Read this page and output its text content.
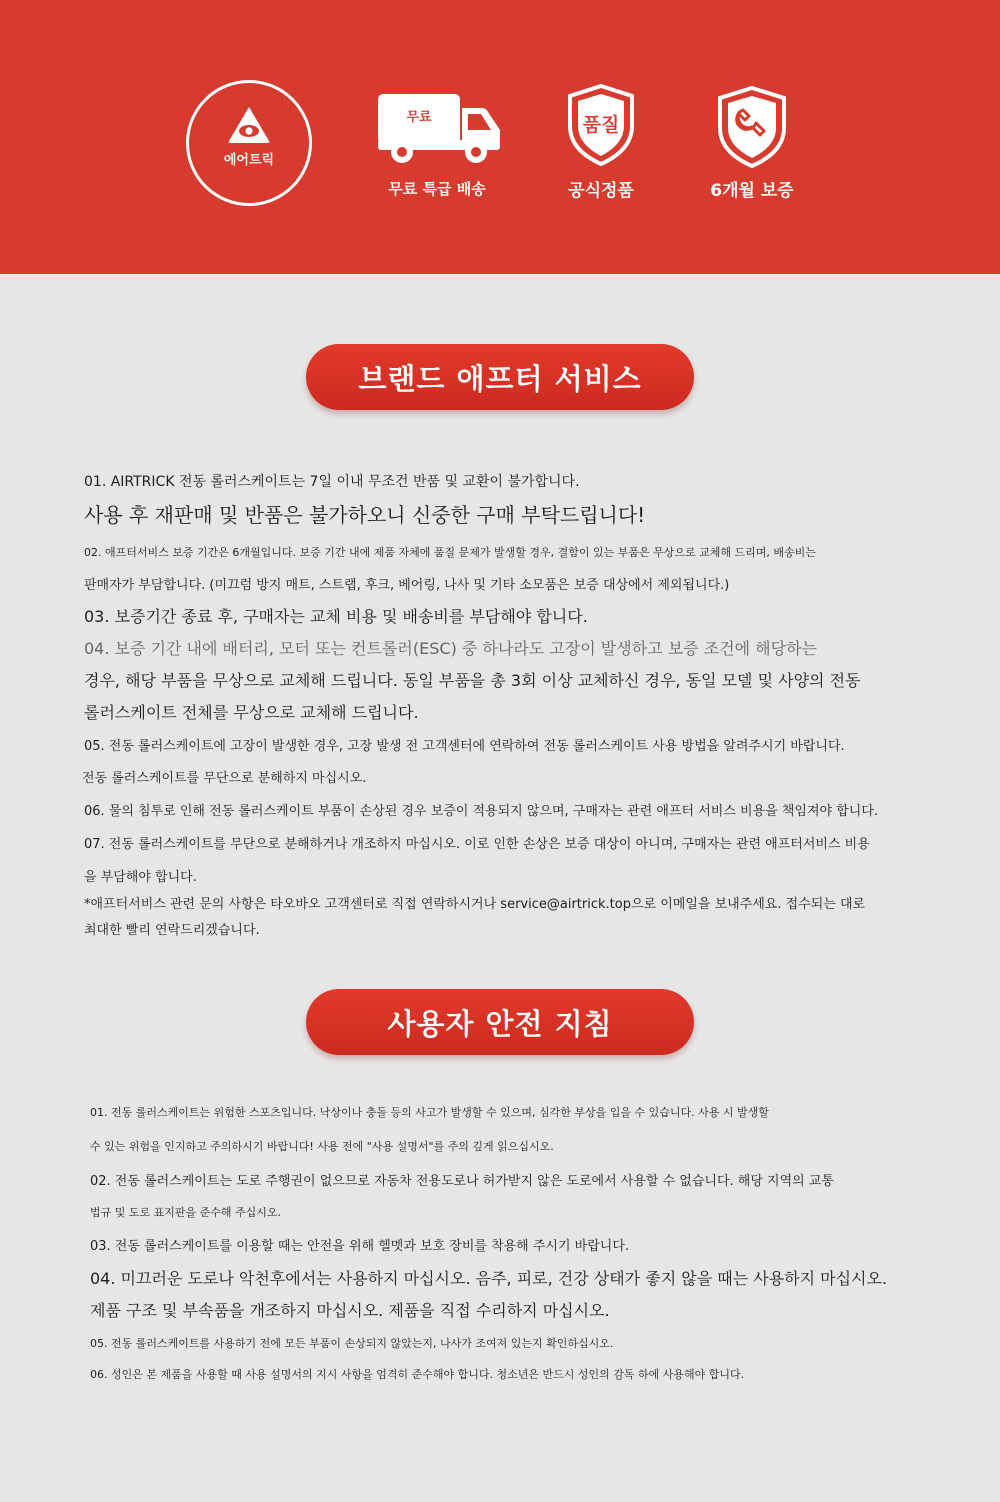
에어트릭
무료
무료 특급 배송
품질
공식정품	6개월 보증
브랜드 애프터 서비스
01. AIRTRICK 전동 롤러스케이트는 7일 이내 무조건 반품 및 교환이 불가합니다.
사용 후 재판매 및 반품은 불가하오니 신중한 구매 부탁드립니다!
02. 애프터서비스 보증 기간은 6개월입니다. 보증 기간 내에 제품 자체에 품질 문제가 발생할 경우, 결함이 있는 부품은 무상으로 교체해 드리며, 배송비는
판매자가 부담합니다. (미끄럼 방지 매트, 스트랩, 후크, 베어링, 나사 및 기타 소모품은 보증 대상에서 제외됩니다.)
03. 보증기간 종료 후, 구매자는 교체 비용 및 배송비를 부담해야 합니다.
04. 보증 기간 내에 배터리, 모터 또는 컨트롤러(ESC) 중 하나라도 고장이 발생하고 보증 조건에 해당하는
경우, 해당 부품을 무상으로 교체해 드립니다. 동일 부품을 총 3회 이상 교체하신 경우, 동일 모델 및 사양의 전동
롤러스케이트 전체를 무상으로 교체해 드립니다.
05. 전동 롤러스케이트에 고장이 발생한 경우, 고장 발생 전 고객센터에 연락하여 전동 롤러스케이트 사용 방법을 알려주시기 바랍니다.
전동 롤러스케이트를 무단으로 분해하지 마십시오.
06. 물의 침투로 인해 전동 롤러스케이트 부품이 손상된 경우 보증이 적용되지 않으며, 구매자는 관련 애프터 서비스 비용을 책임져야 합니다.
07. 전동 롤러스케이트를 무단으로 분해하거나 개조하지 마십시오. 이로 인한 손상은 보증 대상이 아니며, 구매자는 관련 애프터서비스 비용
을 부담해야 합니다.
*애프터서비스 관련 문의 사항은 타오바오 고객센터로 직접 연락하시거나 service@airtrick.top으로 이메일을 보내주세요. 접수되는 대로
최대한 빨리 연락드리겠습니다.
사용자 안전 지침
01. 전동 롤러스케이트는 위험한 스포츠입니다. 낙상이나 충돌 등의 사고가 발생할 수 있으며, 심각한 부상을 입을 수 있습니다. 사용 시 발생할
수 있는 위험을 인지하고 주의하시기 바랍니다! 사용 전에 "사용 설명서"를 주의 깊게 읽으십시오.
02. 전동 롤러스케이트는 도로 주행권이 없으므로 자동차 전용도로나 허가받지 않은 도로에서 사용할 수 없습니다. 해당 지역의 교통
법규 및 도로 표지판을 준수해 주십시오.
03. 전동 롤러스케이트를 이용할 때는 안전을 위해 헬멧과 보호 장비를 착용해 주시기 바랍니다.
04. 미끄러운 도로나 악천후에서는 사용하지 마십시오. 음주, 피로, 건강 상태가 좋지 않을 때는 사용하지 마십시오.
제품 구조 및 부속품을 개조하지 마십시오. 제품을 직접 수리하지 마십시오.
05. 전동 롤러스케이트를 사용하기 전에 모든 부품이 손상되지 않았는지, 나사가 조여져 있는지 확인하십시오.
06. 성인은 본 제품을 사용할 때 사용 설명서의 지시 사항을 엄격히 준수해야 합니다. 청소년은 반드시 성인의 감독 하에 사용해야 합니다.
